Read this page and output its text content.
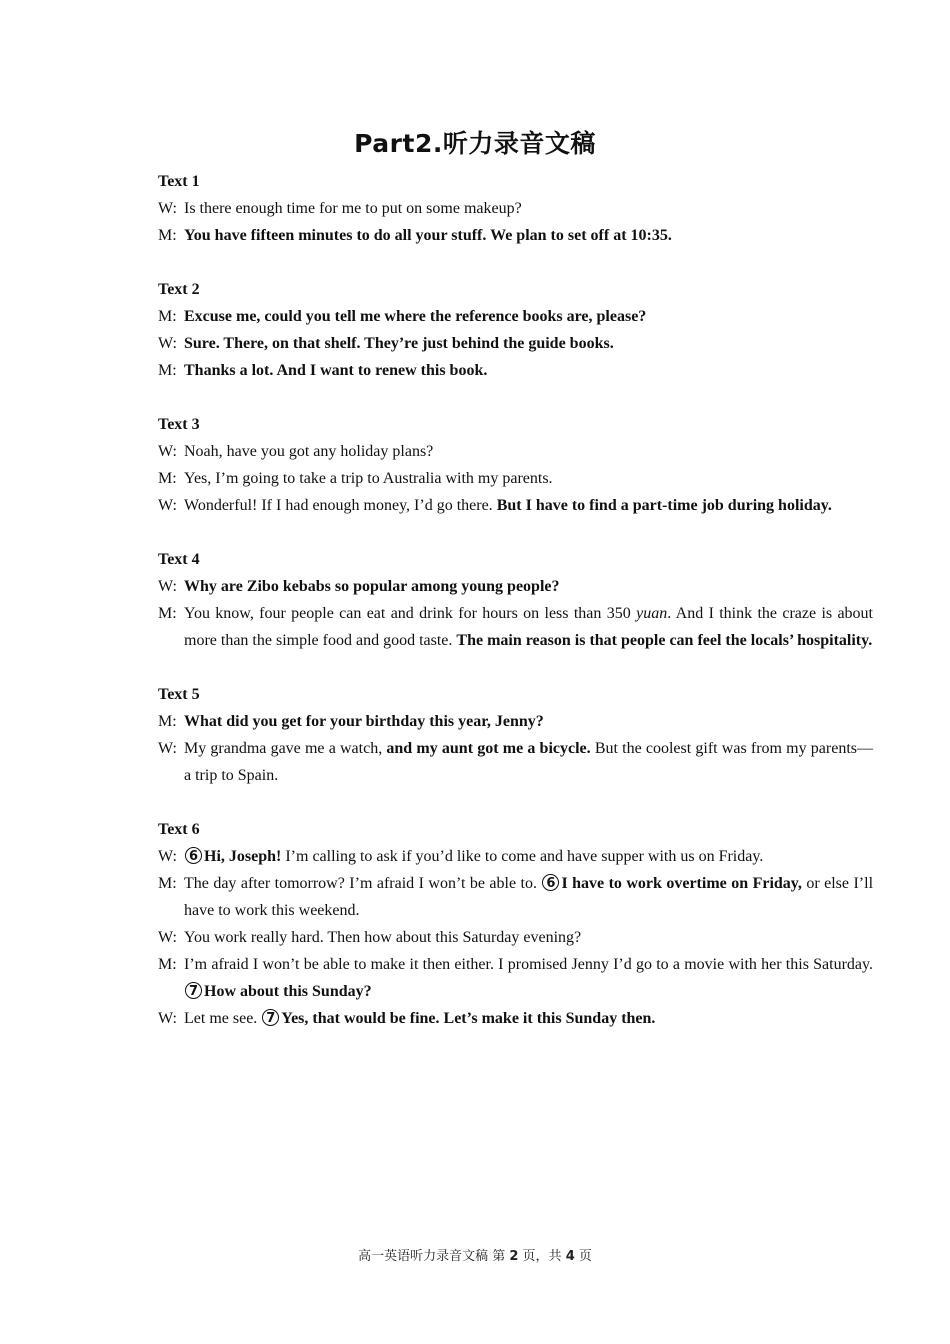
Part2.听力录音文稿
Text 1
W: Is there enough time for me to put on some makeup?
M: You have fifteen minutes to do all your stuff. We plan to set off at 10:35.
Text 2
M: Excuse me, could you tell me where the reference books are, please?
W: Sure. There, on that shelf. They’re just behind the guide books.
M: Thanks a lot. And I want to renew this book.
Text 3
W: Noah, have you got any holiday plans?
M: Yes, I’m going to take a trip to Australia with my parents.
W: Wonderful! If I had enough money, I’d go there. But I have to find a part-time job during holiday.
Text 4
W: Why are Zibo kebabs so popular among young people?
M: You know, four people can eat and drink for hours on less than 350 yuan. And I think the craze is about more than the simple food and good taste. The main reason is that people can feel the locals’ hospitality.
Text 5
M: What did you get for your birthday this year, Jenny?
W: My grandma gave me a watch, and my aunt got me a bicycle. But the coolest gift was from my parents—a trip to Spain.
Text 6
W: 6 Hi, Joseph! I’m calling to ask if you’d like to come and have supper with us on Friday.
M: The day after tomorrow? I’m afraid I won’t be able to. 6 I have to work overtime on Friday, or else I’ll have to work this weekend.
W: You work really hard. Then how about this Saturday evening?
M: I’m afraid I won’t be able to make it then either. I promised Jenny I’d go to a movie with her this Saturday. 7 How about this Sunday?
W: Let me see. 7 Yes, that would be fine. Let’s make it this Sunday then.
高一英语听力录音文稿 第 2 页，共 4 页
